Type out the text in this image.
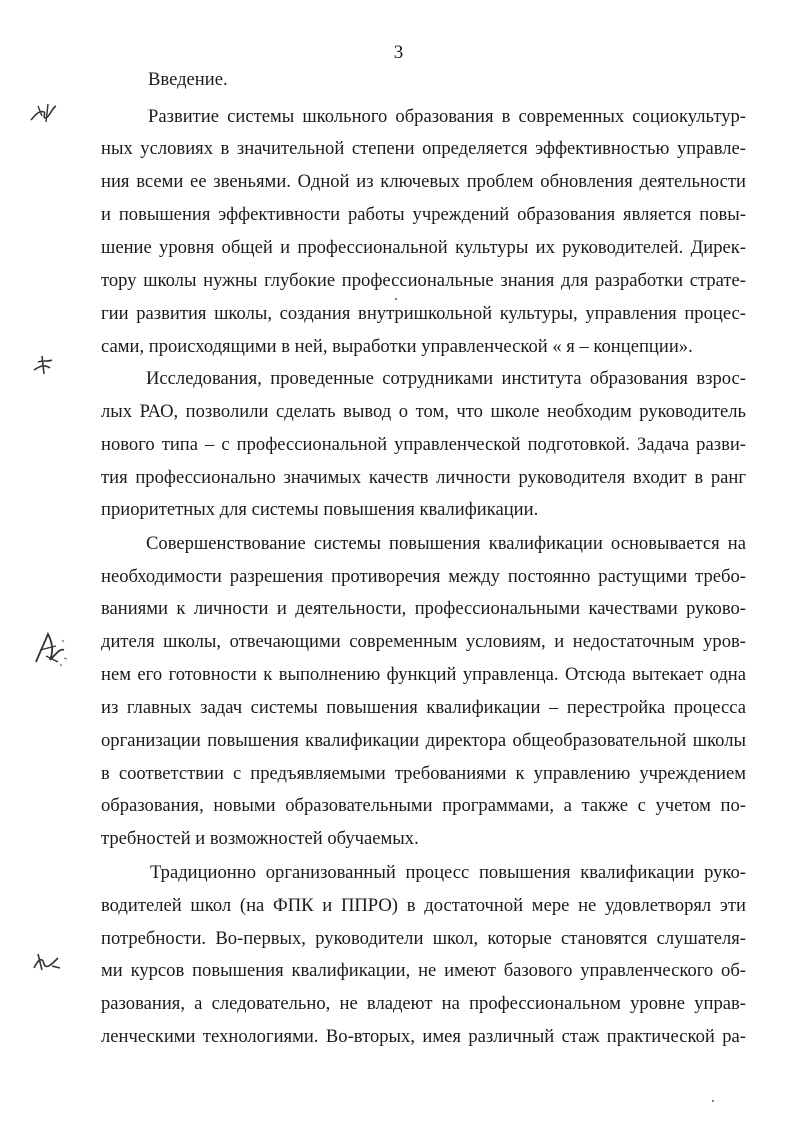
3
Введение.
Развитие системы школьного образования в современных социокультур-
ных условиях в значительной степени определяется эффективностью управле-
ния всеми ее звеньями. Одной из ключевых проблем обновления деятельности
и повышения эффективности работы учреждений образования является повы-
шение уровня общей и профессиональной культуры их руководителей. Дирек-
тору школы нужны глубокие профессиональные знания для разработки страте-
гии развития школы, создания внутришкольной культуры, управления процес-
сами, происходящими в ней, выработки управленческой « я – концепции».
Исследования, проведенные сотрудниками института образования взрос-
лых РАО, позволили сделать вывод о том, что школе необходим руководитель
нового типа – с профессиональной управленческой подготовкой. Задача разви-
тия профессионально значимых качеств личности руководителя входит в ранг
приоритетных для системы повышения квалификации.
Совершенствование системы повышения квалификации основывается на
необходимости разрешения противоречия между постоянно растущими требо-
ваниями к личности и деятельности, профессиональными качествами руково-
дителя школы, отвечающими современным условиям, и недостаточным уров-
нем его готовности к выполнению функций управленца. Отсюда вытекает одна
из главных задач системы повышения квалификации – перестройка процесса
организации повышения квалификации директора общеобразовательной школы
в соответствии с предъявляемыми требованиями к управлению учреждением
образования, новыми образовательными программами, а также с учетом по-
требностей и возможностей обучаемых.
Традиционно организованный процесс повышения квалификации руко-
водителей школ (на ФПК и ППРО) в достаточной мере не удовлетворял эти
потребности. Во-первых, руководители школ, которые становятся слушателя-
ми курсов повышения квалификации, не имеют базового управленческого об-
разования, а следовательно, не владеют на профессиональном уровне управ-
ленческими технологиями. Во-вторых, имея различный стаж практической ра-
